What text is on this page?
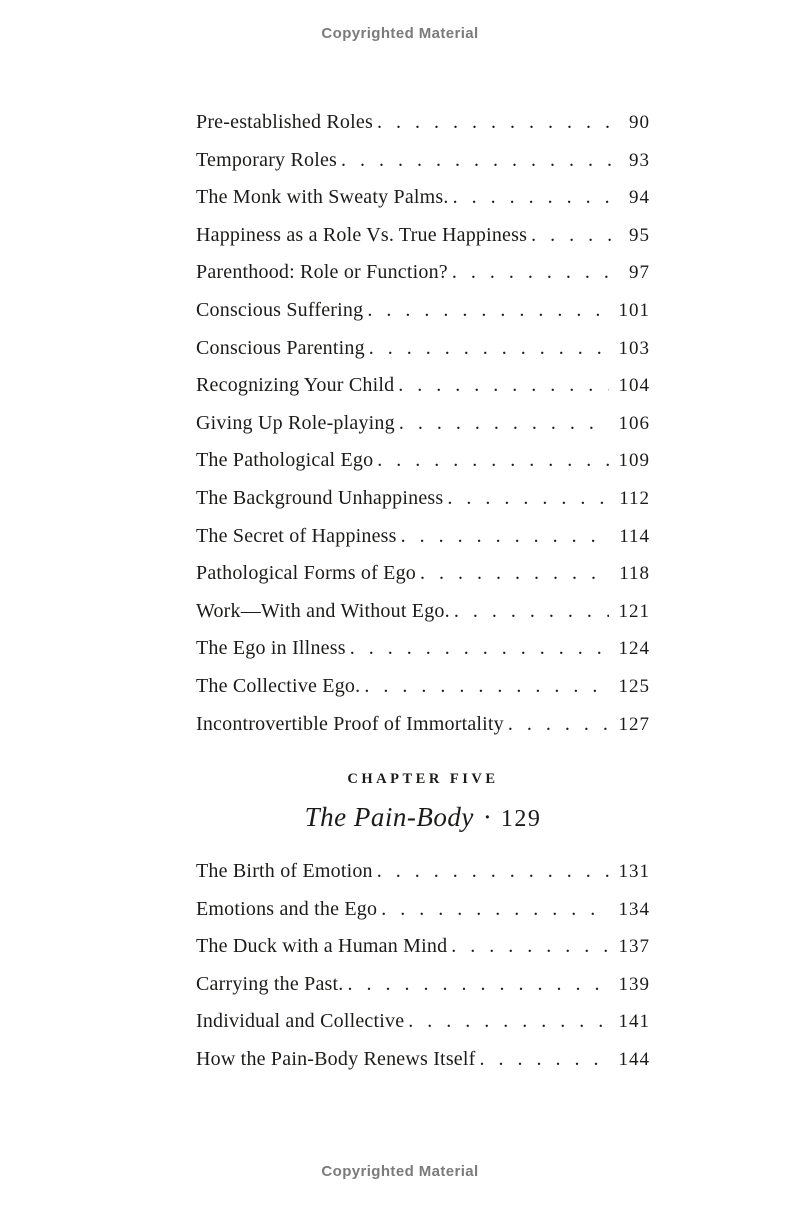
Copyrighted Material
Pre-established Roles . . .	90
Temporary Roles . . .	93
The Monk with Sweaty Palms. . . .	94
Happiness as a Role Vs. True Happiness . . .	95
Parenthood: Role or Function? . . .	97
Conscious Suffering . . .	101
Conscious Parenting . . .	103
Recognizing Your Child . . .	104
Giving Up Role-playing . . .	106
The Pathological Ego . . .	109
The Background Unhappiness . . .	112
The Secret of Happiness . . .	114
Pathological Forms of Ego . . .	118
Work—With and Without Ego. . . .	121
The Ego in Illness . . .	124
The Collective Ego. . . .	125
Incontrovertible Proof of Immortality . . .	127
CHAPTER FIVE
The Pain-Body · 129
The Birth of Emotion . . .	131
Emotions and the Ego . . .	134
The Duck with a Human Mind . . .	137
Carrying the Past. . . .	139
Individual and Collective . . .	141
How the Pain-Body Renews Itself . . .	144
Copyrighted Material
